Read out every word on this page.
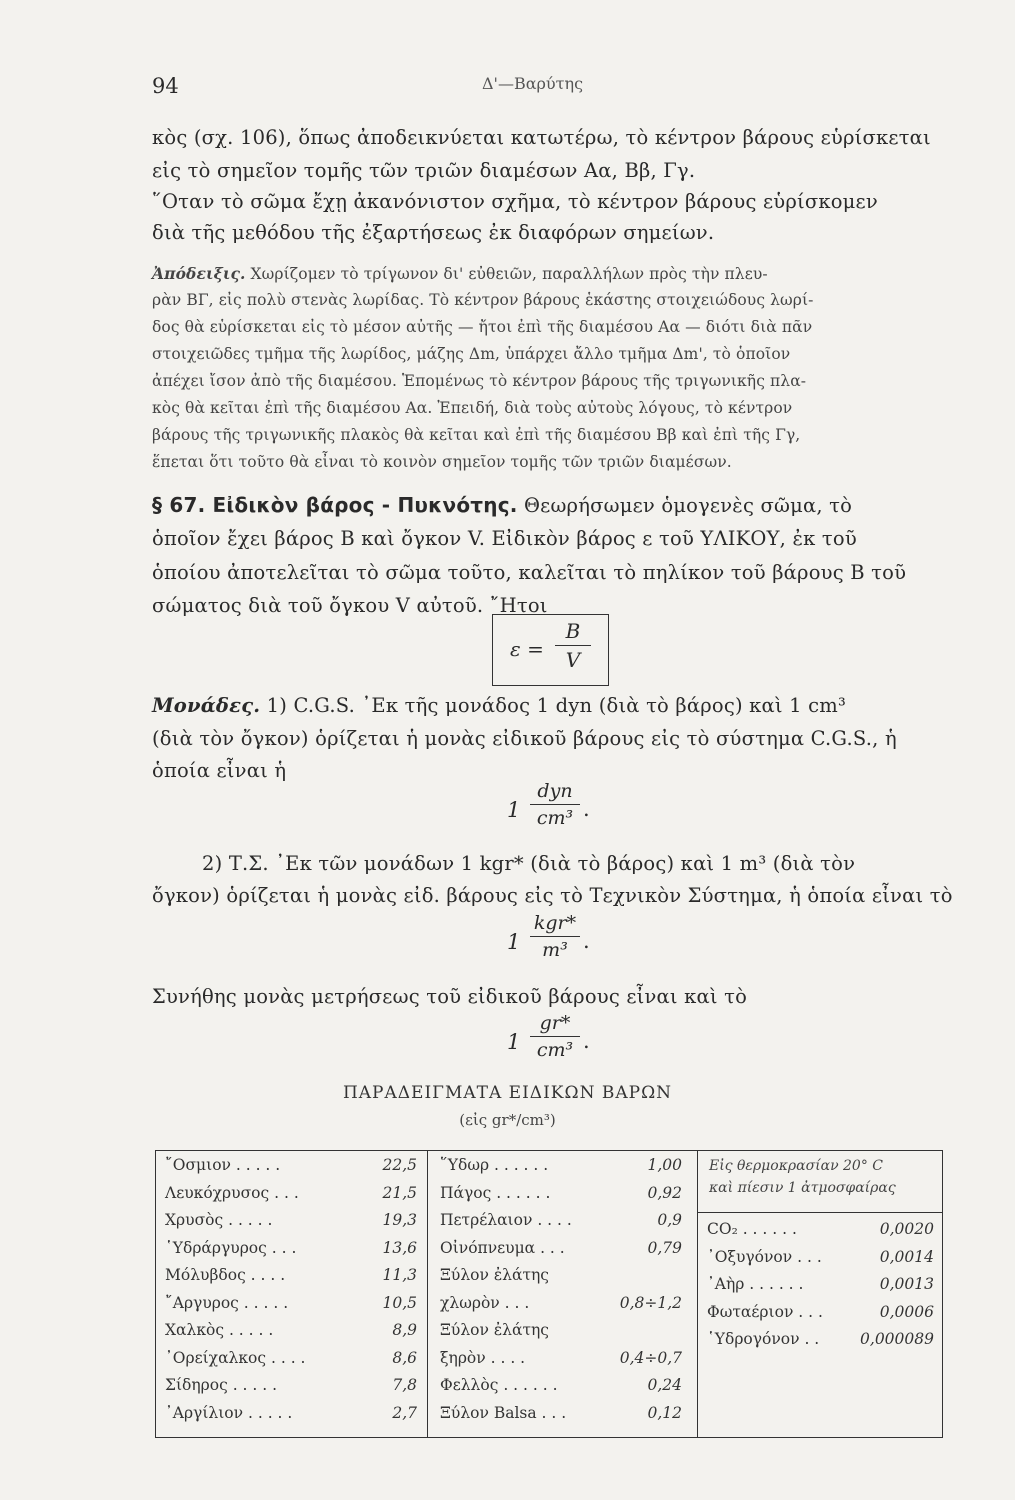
94	Δ'—Βαρύτης
κὸς (σχ. 106), ὅπως ἀποδεικνύεται κατωτέρω, τὸ κέντρον βάρους εὑρίσκεται
εἰς τὸ σημεῖον τομῆς τῶν τριῶν διαμέσων Αα, Ββ, Γγ.
῞Οταν τὸ σῶμα ἔχῃ ἀκανόνιστον σχῆμα, τὸ κέντρον βάρους εὑρίσκομεν
διὰ τῆς μεθόδου τῆς ἐξαρτήσεως ἐκ διαφόρων σημείων.
Ἀπόδειξις. Χωρίζομεν τὸ τρίγωνον δι' εὐθειῶν, παραλλήλων πρὸς τὴν πλευ-
ρὰν ΒΓ, εἰς πολὺ στενὰς λωρίδας. Τὸ κέντρον βάρους ἑκάστης στοιχειώδους λωρί-
δος θὰ εὑρίσκεται εἰς τὸ μέσον αὐτῆς — ἤτοι ἐπὶ τῆς διαμέσου Αα — διότι διὰ πᾶν
στοιχειῶδες τμῆμα τῆς λωρίδος, μάζης Δm, ὑπάρχει ἄλλο τμῆμα Δm', τὸ ὁποῖον
ἀπέχει ἴσον ἀπὸ τῆς διαμέσου. Ἑπομένως τὸ κέντρον βάρους τῆς τριγωνικῆς πλα-
κὸς θὰ κεῖται ἐπὶ τῆς διαμέσου Αα. Ἐπειδή, διὰ τοὺς αὐτοὺς λόγους, τὸ κέντρον
βάρους τῆς τριγωνικῆς πλακὸς θὰ κεῖται καὶ ἐπὶ τῆς διαμέσου Ββ καὶ ἐπὶ τῆς Γγ,
ἕπεται ὅτι τοῦτο θὰ εἶναι τὸ κοινὸν σημεῖον τομῆς τῶν τριῶν διαμέσων.
§ 67. Εἰδικὸν βάρος - Πυκνότης. Θεωρήσωμεν ὁμογενὲς σῶμα, τὸ
ὁποῖον ἔχει βάρος Β καὶ ὄγκον V. Εἰδικὸν βάρος ε τοῦ ΥΛΙΚΟΥ, ἐκ τοῦ
ὁποίου ἀποτελεῖται τὸ σῶμα τοῦτο, καλεῖται τὸ πηλίκον τοῦ βάρους Β τοῦ
σώματος διὰ τοῦ ὄγκου V αὐτοῦ. ῎Ητοι
ε =
B
V
Μονάδες. 1) C.G.S. ᾿Εκ τῆς μονάδος 1 dyn (διὰ τὸ βάρος) καὶ 1 cm³
(διὰ τὸν ὄγκον) ὁρίζεται ἡ μονὰς εἰδικοῦ βάρους εἰς τὸ σύστημα C.G.S., ἡ
ὁποία εἶναι ἡ
1
dyn
cm³ .
2) Τ.Σ. ᾿Εκ τῶν μονάδων 1 kgr* (διὰ τὸ βάρος) καὶ 1 m³ (διὰ τὸν
ὄγκον) ὁρίζεται ἡ μονὰς εἰδ. βάρους εἰς τὸ Τεχνικὸν Σύστημα, ἡ ὁποία εἶναι τὸ
1
kgr*
m³ .
Συνήθης μονὰς μετρήσεως τοῦ εἰδικοῦ βάρους εἶναι καὶ τὸ
1
gr*
cm³ .
ΠΑΡΑΔΕΙΓΜΑΤΑ ΕΙΔΙΚΩΝ ΒΑΡΩΝ
(εἰς gr*/cm³)
Εἰς θερμοκρασίαν 20° C
καὶ πίεσιν 1 ἀτμοσφαίρας
῎Οσμιον . . . . .	22,5
Λευκόχρυσος . . .	21,5
Χρυσὸς . . . . .	19,3
῾Υδράργυρος . . .	13,6
Μόλυβδος . . . .	11,3
῎Αργυρος . . . . .	10,5
Χαλκὸς . . . . .	8,9
᾿Ορείχαλκος . . . .	8,6
Σίδηρος . . . . .	7,8
᾿Αργίλιον . . . . .	2,7
῞Υδωρ . . . . . .	1,00
Πάγος . . . . . .	0,92
Πετρέλαιον . . . .	0,9
Οἰνόπνευμα . . .	0,79
Ξύλον ἐλάτης
χλωρὸν . . .	0,8÷1,2
Ξύλον ἐλάτης
ξηρὸν . . . .	0,4÷0,7
Φελλὸς . . . . . .	0,24
Ξύλον Balsa . . .	0,12
CO₂ . . . . . .	0,0020
᾿Οξυγόνον . . .	0,0014
᾿Αὴρ . . . . . .	0,0013
Φωταέριον . . .	0,0006
῾Υδρογόνον . .	0,000089
